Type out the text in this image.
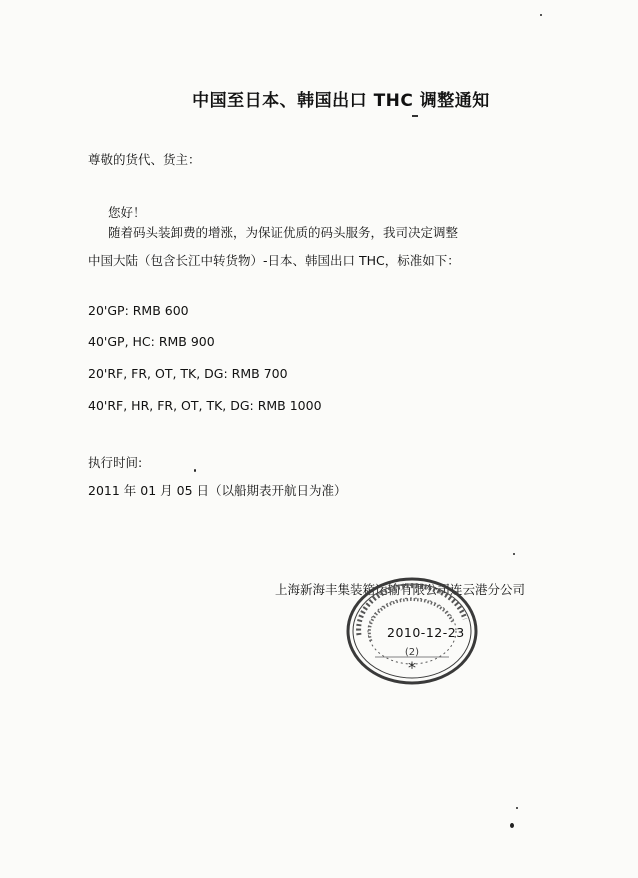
中国至日本、韩国出口 THC 调整通知
尊敬的货代、货主：
您好！
随着码头装卸费的增涨，为保证优质的码头服务，我司决定调整
中国大陆（包含长江中转货物）-日本、韩国出口 THC，标准如下：
20'GP: RMB 600
40'GP, HC: RMB 900
20'RF, FR, OT, TK, DG: RMB 700
40'RF, HR, FR, OT, TK, DG: RMB 1000
执行时间:
2011 年 01 月 05 日（以船期表开航日为准）
上海新海丰集装箱运输有限公司连云港分公司
(2)
*
2010-12-23
